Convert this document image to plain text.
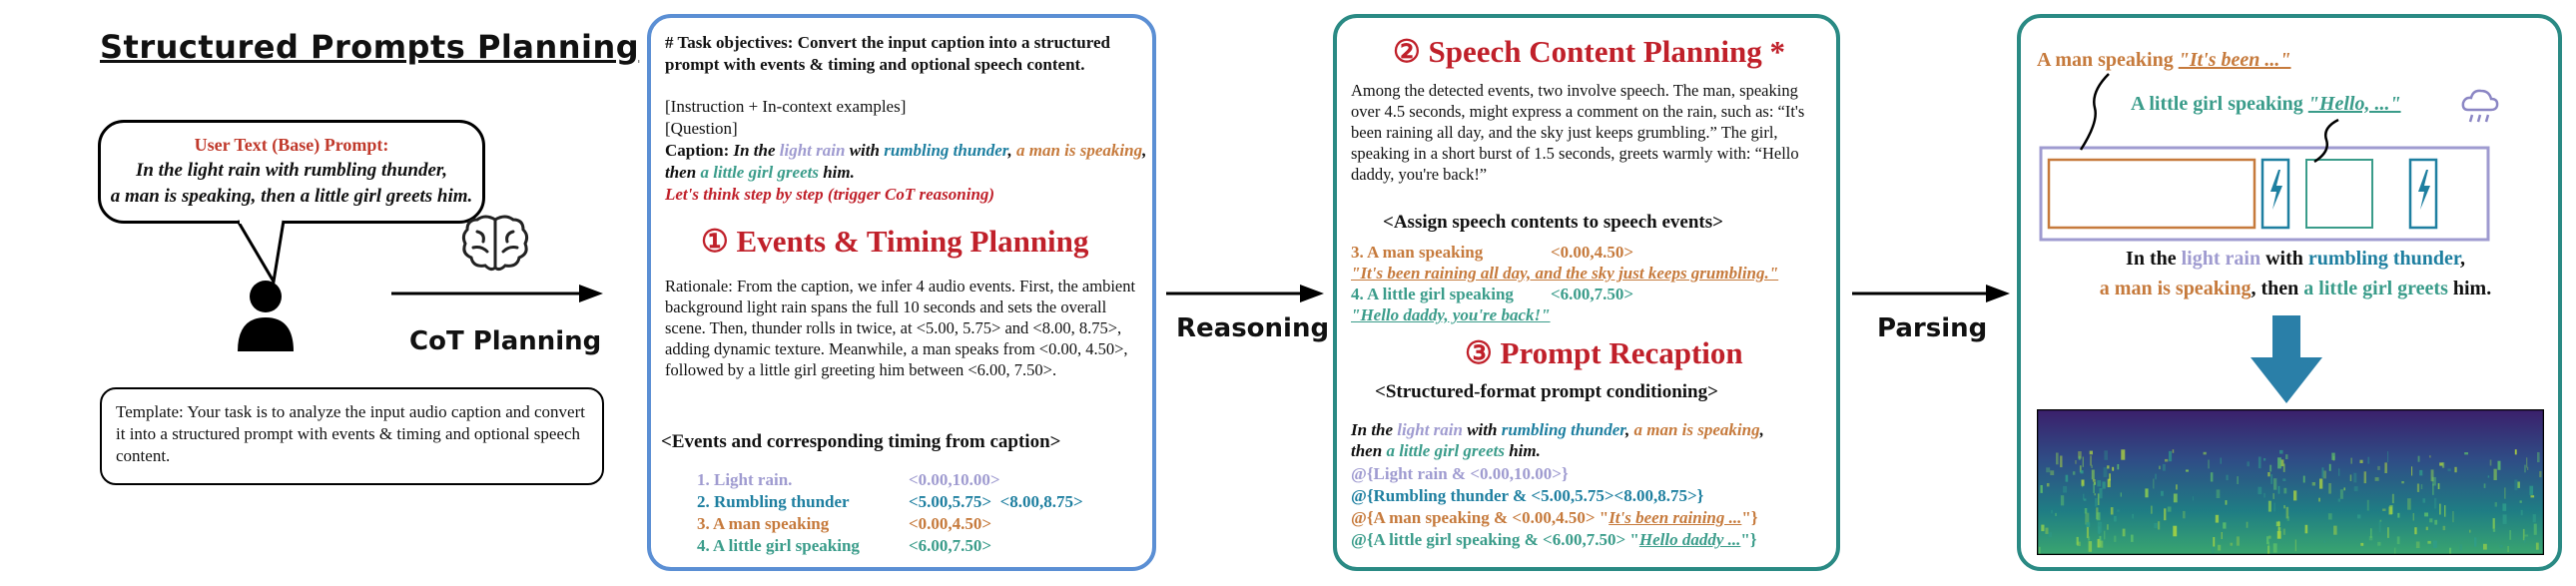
Structured Prompts Planning
User Text (Base) Prompt:
In the light rain with rumbling thunder,
a man is speaking, then a little girl greets him.
CoT Planning
Template: Your task is to analyze the input audio caption and convert it into a structured prompt with events & timing and optional speech content.
# Task objectives: Convert the input caption into a structured prompt with events & timing and optional speech content.
[Instruction + In-context examples]
[Question]
Caption: In the light rain with rumbling thunder, a man is speaking, then a little girl greets him.
Let's think step by step (trigger CoT reasoning)
① Events & Timing Planning
Rationale: From the caption, we infer 4 audio events. First, the ambient background light rain spans the full 10 seconds and sets the overall scene. Then, thunder rolls in twice, at <5.00, 5.75> and <8.00, 8.75>, adding dynamic texture. Meanwhile, a man speaks from <0.00, 4.50>, followed by a little girl greeting him between <6.00, 7.50>.
<Events and corresponding timing from caption>
1. Light rain.	<0.00,10.00>
2. Rumbling thunder	<5.00,5.75>  <8.00,8.75>
3. A man speaking	<0.00,4.50>
4. A little girl speaking	<6.00,7.50>
Reasoning
② Speech Content Planning *
Among the detected events, two involve speech. The man, speaking over 4.5 seconds, might express a comment on the rain, such as: “It's been raining all day, and the sky just keeps grumbling.” The girl, speaking in a short burst of 1.5 seconds, greets warmly with: “Hello daddy, you're back!”
<Assign speech contents to speech events>
3. A man speaking	<0.00,4.50>
"It's been raining all day, and the sky just keeps grumbling."
4. A little girl speaking <6.00,7.50>
"Hello daddy, you're back!"
③ Prompt Recaption
<Structured-format prompt conditioning>
In the light rain with rumbling thunder, a man is speaking,
then a little girl greets him.
@{Light rain & <0.00,10.00>}
@{Rumbling thunder & <5.00,5.75><8.00,8.75>}
@{A man speaking & <0.00,4.50> "It's been raining ..."}
@{A little girl speaking & <6.00,7.50> "Hello daddy ..."}
Parsing
A man speaking "It's been ..."
A little girl speaking "Hello, ..."
In the light rain with rumbling thunder,
a man is speaking, then a little girl greets him.
